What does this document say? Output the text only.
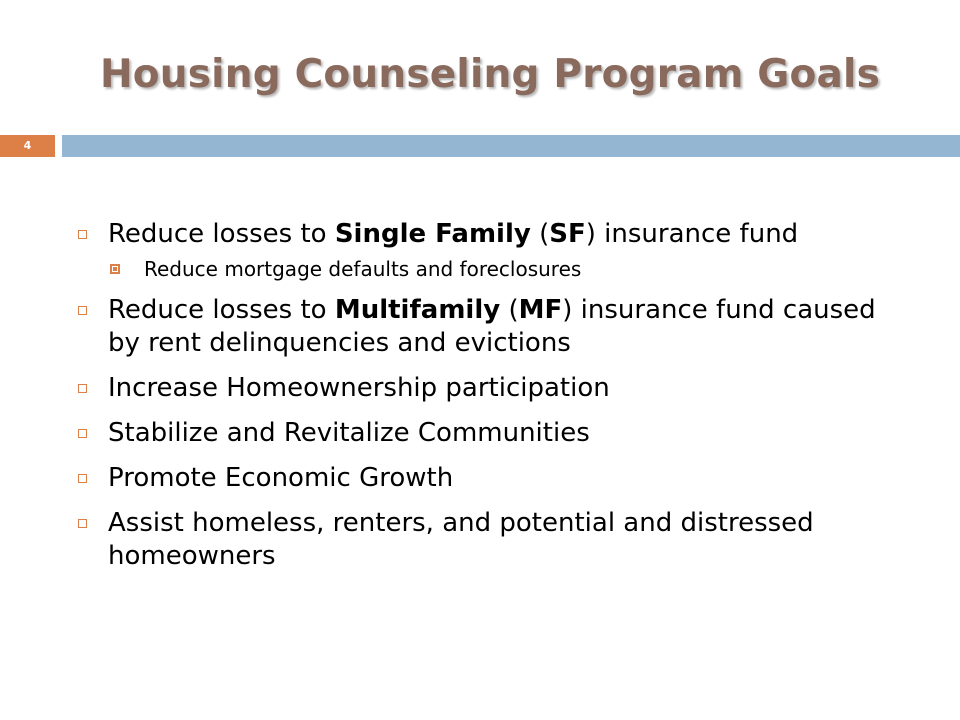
Housing Counseling Program Goals
4
Reduce losses to Single Family (SF) insurance fund
Reduce mortgage defaults and foreclosures
Reduce losses to Multifamily (MF) insurance fund caused by rent delinquencies and evictions
Increase Homeownership participation
Stabilize and Revitalize Communities
Promote Economic Growth
Assist homeless, renters, and potential and distressed homeowners
